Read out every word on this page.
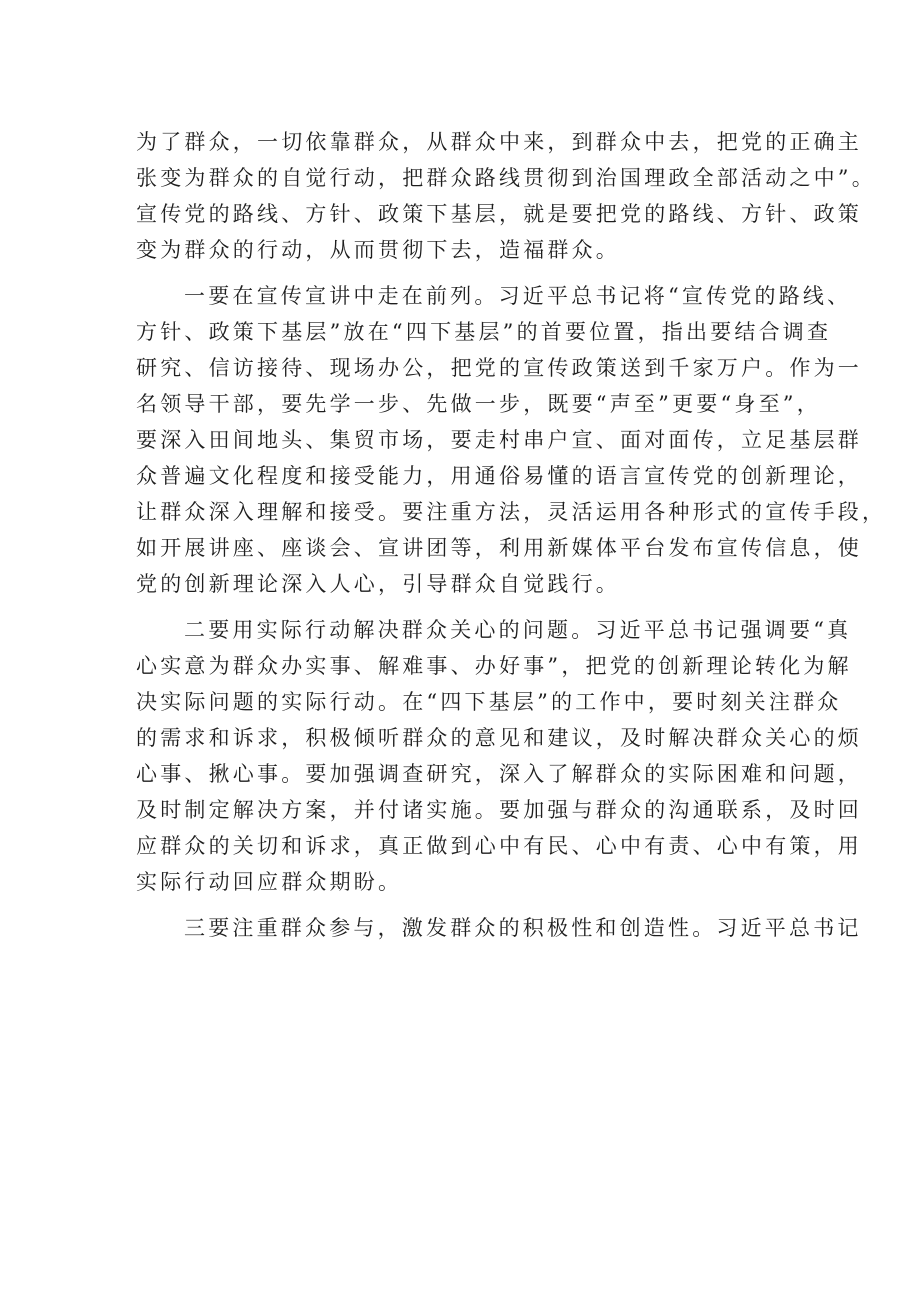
为了群众，一切依靠群众，从群众中来，到群众中去，把党的正确主
张变为群众的自觉行动，把群众路线贯彻到治国理政全部活动之中”。
宣传党的路线、方针、政策下基层，就是要把党的路线、方针、政策
变为群众的行动，从而贯彻下去，造福群众。
一要在宣传宣讲中走在前列。习近平总书记将“宣传党的路线、
方针、政策下基层”放在“四下基层”的首要位置，指出要结合调查
研究、信访接待、现场办公，把党的宣传政策送到千家万户。作为一
名领导干部，要先学一步、先做一步，既要“声至”更要“身至”，
要深入田间地头、集贸市场，要走村串户宣、面对面传，立足基层群
众普遍文化程度和接受能力，用通俗易懂的语言宣传党的创新理论，
让群众深入理解和接受。要注重方法，灵活运用各种形式的宣传手段，
如开展讲座、座谈会、宣讲团等，利用新媒体平台发布宣传信息，使
党的创新理论深入人心，引导群众自觉践行。
二要用实际行动解决群众关心的问题。习近平总书记强调要“真
心实意为群众办实事、解难事、办好事”，把党的创新理论转化为解
决实际问题的实际行动。在“四下基层”的工作中，要时刻关注群众
的需求和诉求，积极倾听群众的意见和建议，及时解决群众关心的烦
心事、揪心事。要加强调查研究，深入了解群众的实际困难和问题，
及时制定解决方案，并付诸实施。要加强与群众的沟通联系，及时回
应群众的关切和诉求，真正做到心中有民、心中有责、心中有策，用
实际行动回应群众期盼。
三要注重群众参与，激发群众的积极性和创造性。习近平总书记
